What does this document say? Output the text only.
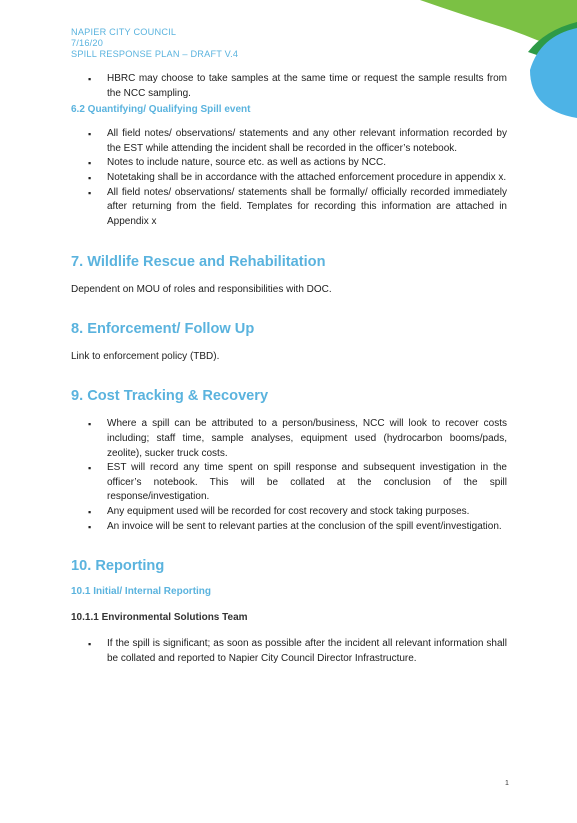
NAPIER CITY COUNCIL
7/16/20
SPILL RESPONSE PLAN – DRAFT V.4
▪ HBRC may choose to take samples at the same time or request the sample results from the NCC sampling.
6.2 Quantifying/ Qualifying Spill event
▪ All field notes/ observations/ statements and any other relevant information recorded by the EST while attending the incident shall be recorded in the officer’s notebook.
▪ Notes to include nature, source etc. as well as actions by NCC.
▪ Notetaking shall be in accordance with the attached enforcement procedure in appendix x.
▪ All field notes/ observations/ statements shall be formally/ officially recorded immediately after returning from the field. Templates for recording this information are attached in Appendix x
7. Wildlife Rescue and Rehabilitation
Dependent on MOU of roles and responsibilities with DOC.
8. Enforcement/ Follow Up
Link to enforcement policy (TBD).
9. Cost Tracking & Recovery
▪ Where a spill can be attributed to a person/business, NCC will look to recover costs including; staff time, sample analyses, equipment used (hydrocarbon booms/pads, zeolite), sucker truck costs.
▪ EST will record any time spent on spill response and subsequent investigation in the officer’s notebook. This will be collated at the conclusion of the spill response/investigation.
▪ Any equipment used will be recorded for cost recovery and stock taking purposes.
▪ An invoice will be sent to relevant parties at the conclusion of the spill event/investigation.
10. Reporting
10.1 Initial/ Internal Reporting
10.1.1 Environmental Solutions Team
▪ If the spill is significant; as soon as possible after the incident all relevant information shall be collated and reported to Napier City Council Director Infrastructure.
1
